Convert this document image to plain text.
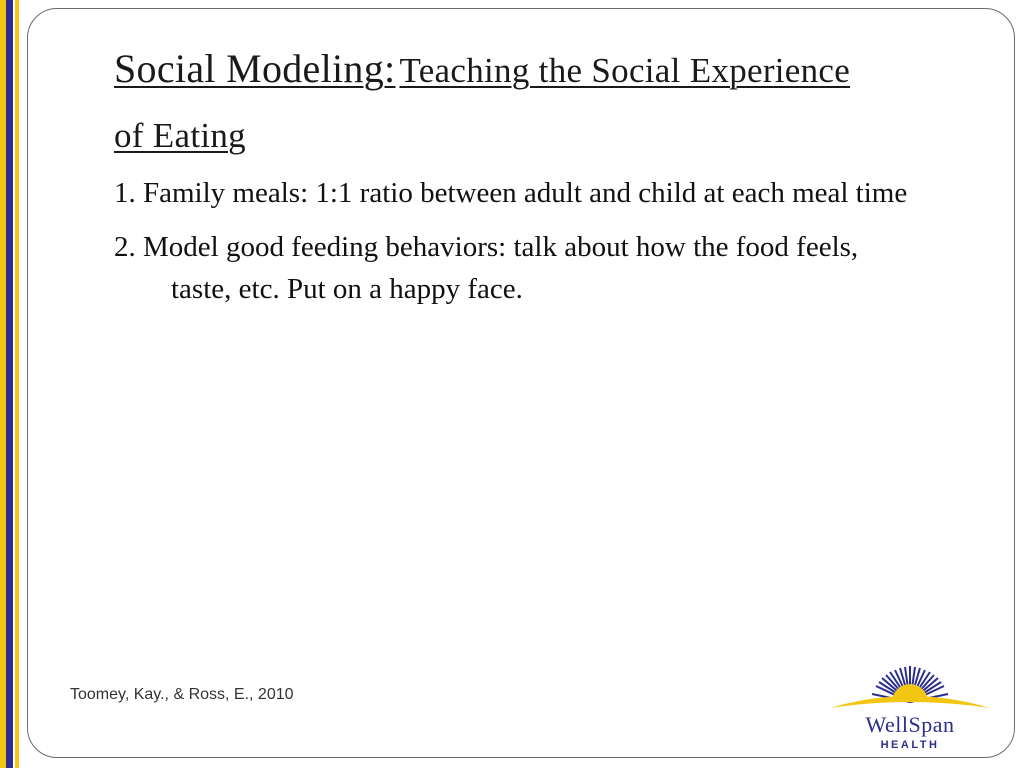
Social Modeling: Teaching the Social Experience of Eating
1. Family meals: 1:1 ratio between adult and child at each meal time
2. Model good feeding behaviors: talk about how the food feels, taste, etc. Put on a happy face.
Toomey, Kay., & Ross, E., 2010
WellSpan
HEALTH
